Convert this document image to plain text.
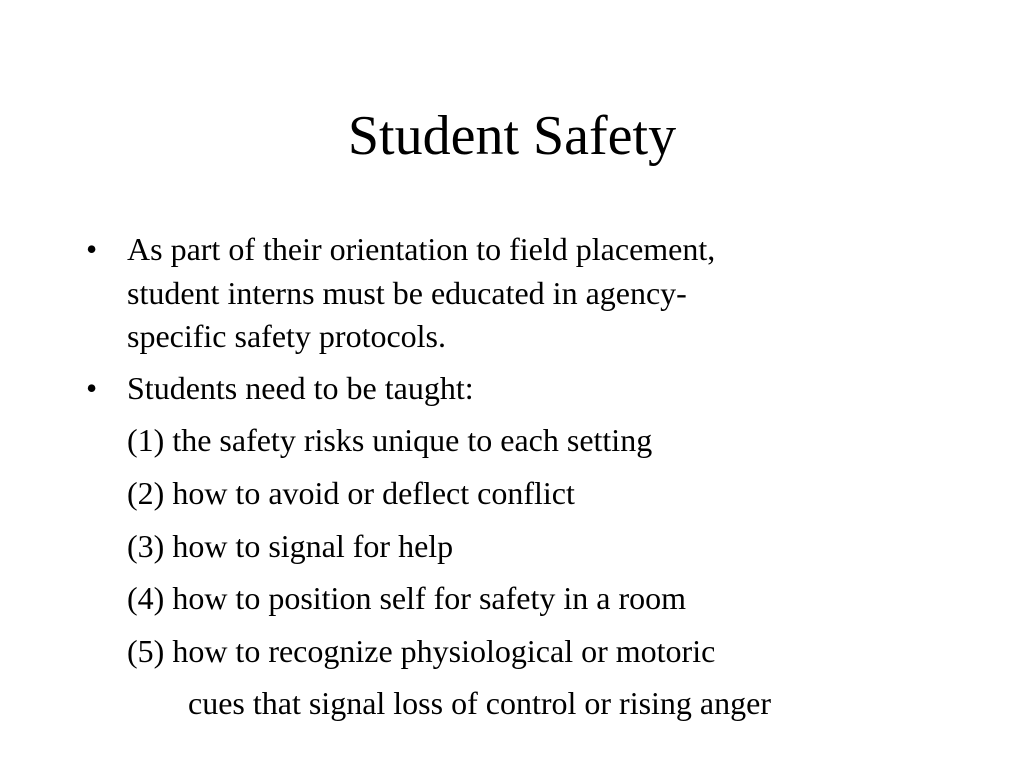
Student Safety
• As part of their orientation to field placement,
student interns must be educated in agency-
specific safety protocols.
• Students need to be taught:
(1) the safety risks unique to each setting
(2) how to avoid or deflect conflict
(3) how to signal for help
(4) how to position self for safety in a room
(5) how to recognize physiological or motoric
cues that signal loss of control or rising anger
